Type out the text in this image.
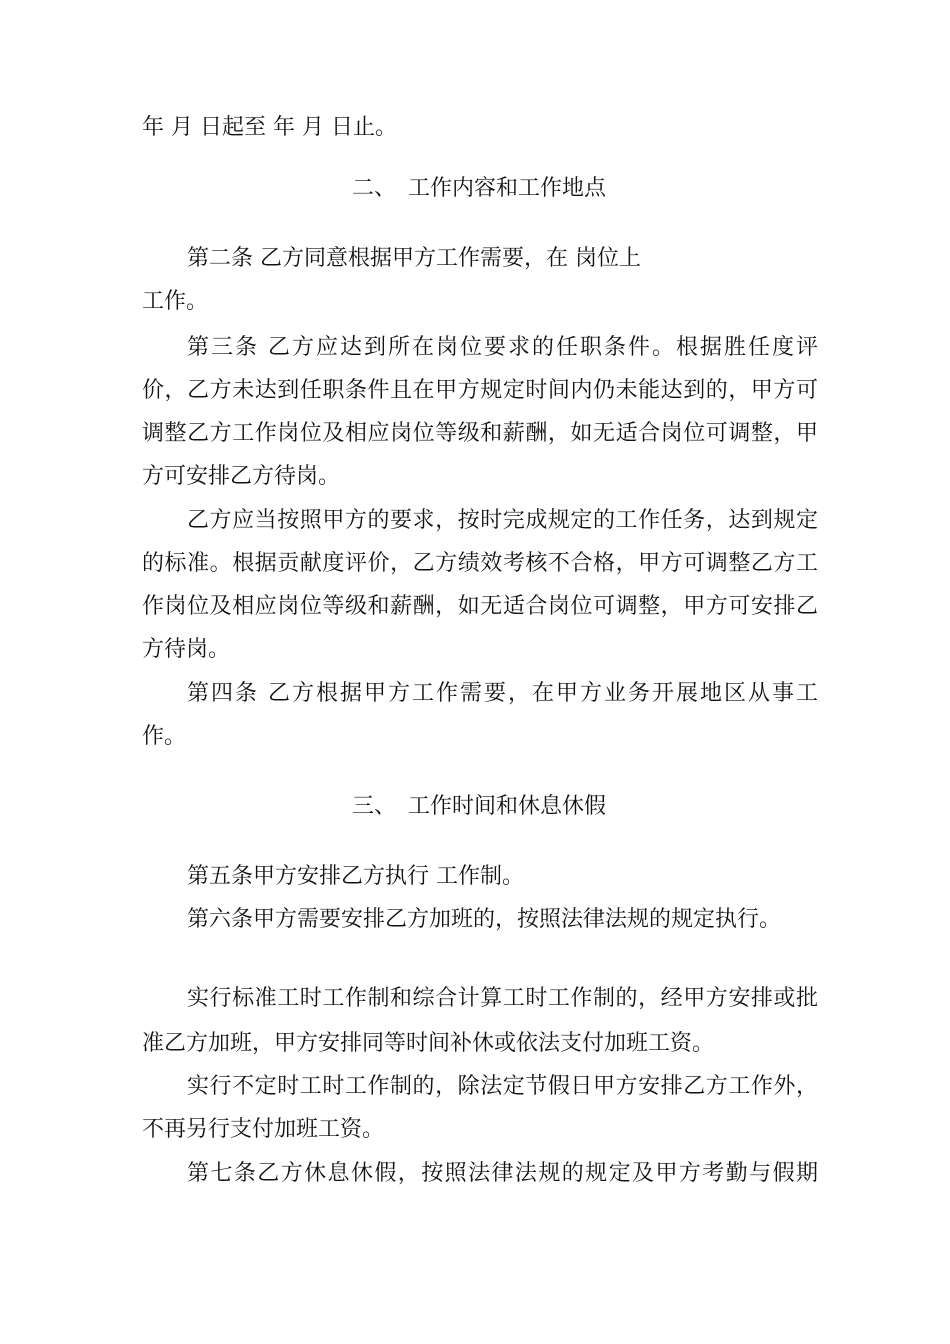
年 月 日起至 年 月 日止。
二、 工作内容和工作地点
第二条 乙方同意根据甲方工作需要，在 岗位上
工作。
第三条 乙方应达到所在岗位要求的任职条件。根据胜任度评
价，乙方未达到任职条件且在甲方规定时间内仍未能达到的，甲方可
调整乙方工作岗位及相应岗位等级和薪酬，如无适合岗位可调整，甲
方可安排乙方待岗。
乙方应当按照甲方的要求，按时完成规定的工作任务，达到规定
的标准。根据贡献度评价，乙方绩效考核不合格，甲方可调整乙方工
作岗位及相应岗位等级和薪酬，如无适合岗位可调整，甲方可安排乙
方待岗。
第四条 乙方根据甲方工作需要，在甲方业务开展地区从事工
作。
三、 工作时间和休息休假
第五条甲方安排乙方执行 工作制。
第六条甲方需要安排乙方加班的，按照法律法规的规定执行。
实行标准工时工作制和综合计算工时工作制的，经甲方安排或批
准乙方加班，甲方安排同等时间补休或依法支付加班工资。
实行不定时工时工作制的，除法定节假日甲方安排乙方工作外，
不再另行支付加班工资。
第七条乙方休息休假，按照法律法规的规定及甲方考勤与假期
